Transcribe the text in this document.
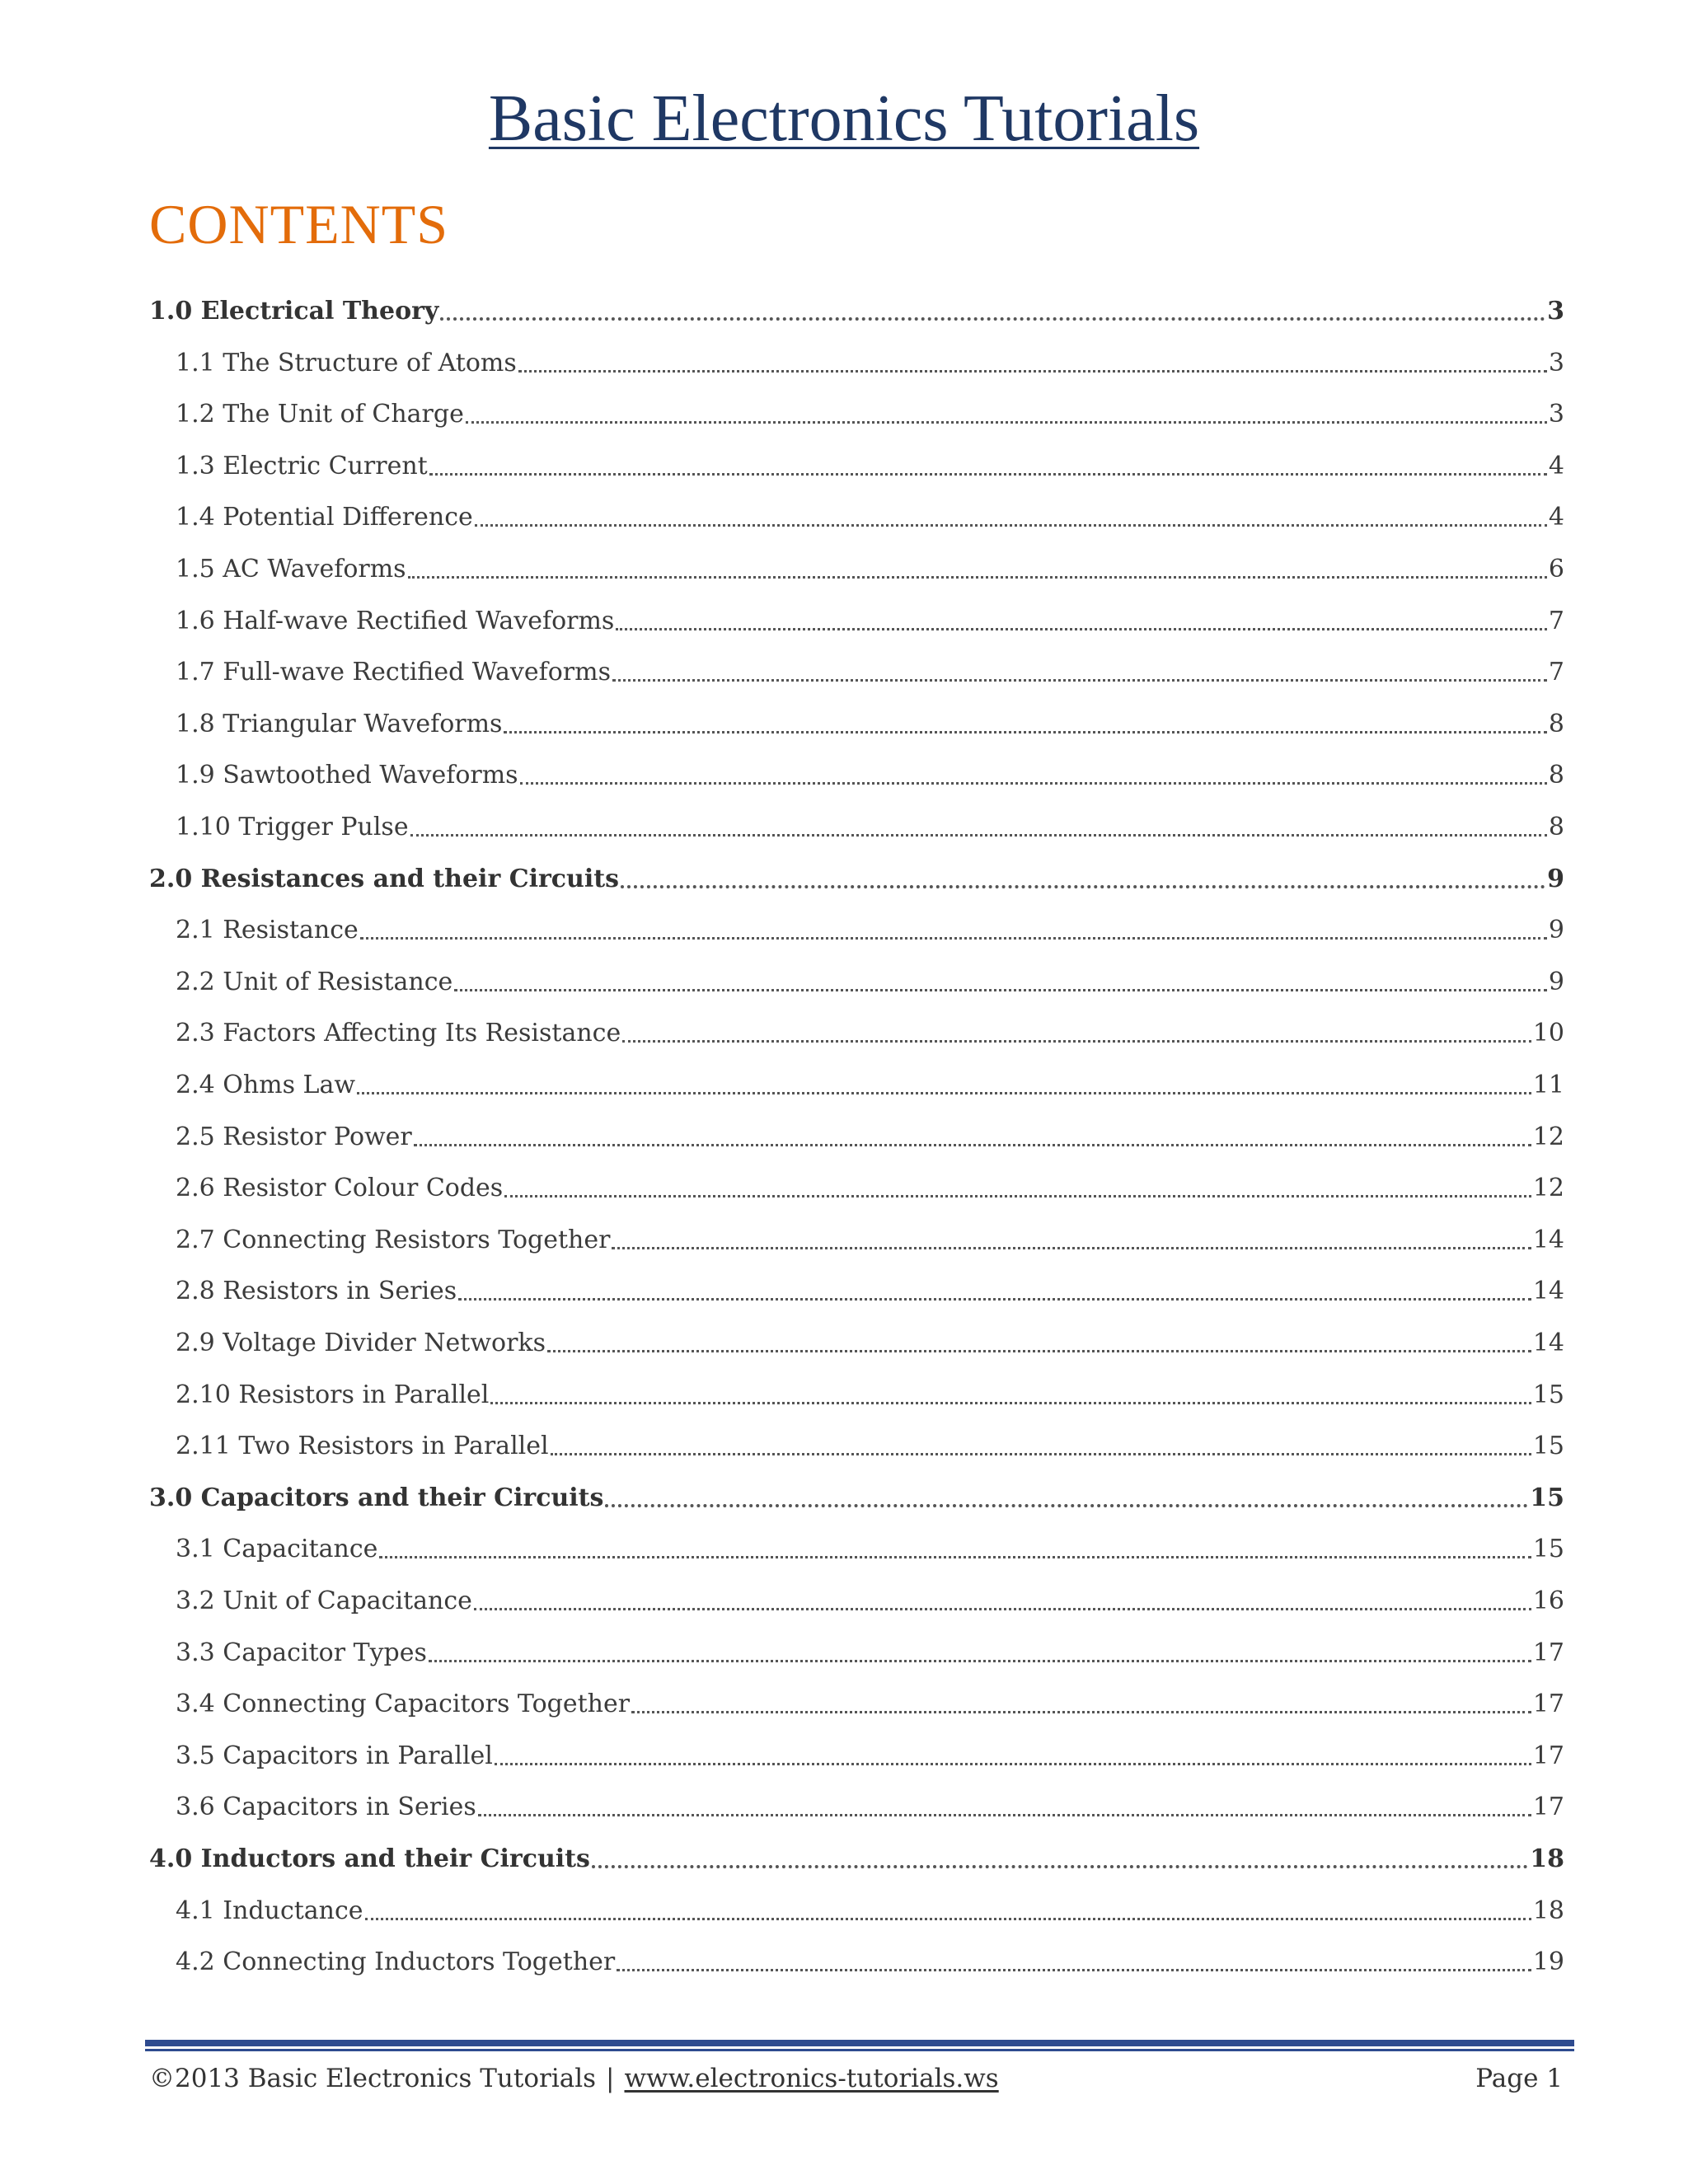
Basic Electronics Tutorials
CONTENTS
1.0 Electrical Theory	3
1.1 The Structure of Atoms	3
1.2 The Unit of Charge	3
1.3 Electric Current	4
1.4 Potential Difference	4
1.5 AC Waveforms	6
1.6 Half-wave Rectified Waveforms	7
1.7 Full-wave Rectified Waveforms	7
1.8 Triangular Waveforms	8
1.9 Sawtoothed Waveforms	8
1.10 Trigger Pulse	8
2.0 Resistances and their Circuits	9
2.1 Resistance	9
2.2 Unit of Resistance	9
2.3 Factors Affecting Its Resistance	10
2.4 Ohms Law	11
2.5 Resistor Power	12
2.6 Resistor Colour Codes	12
2.7 Connecting Resistors Together	14
2.8 Resistors in Series	14
2.9 Voltage Divider Networks	14
2.10 Resistors in Parallel	15
2.11 Two Resistors in Parallel	15
3.0 Capacitors and their Circuits	15
3.1 Capacitance	15
3.2 Unit of Capacitance	16
3.3 Capacitor Types	17
3.4 Connecting Capacitors Together	17
3.5 Capacitors in Parallel	17
3.6 Capacitors in Series	17
4.0 Inductors and their Circuits	18
4.1 Inductance	18
4.2 Connecting Inductors Together	19
©2013 Basic Electronics Tutorials | www.electronics-tutorials.ws	Page 1
